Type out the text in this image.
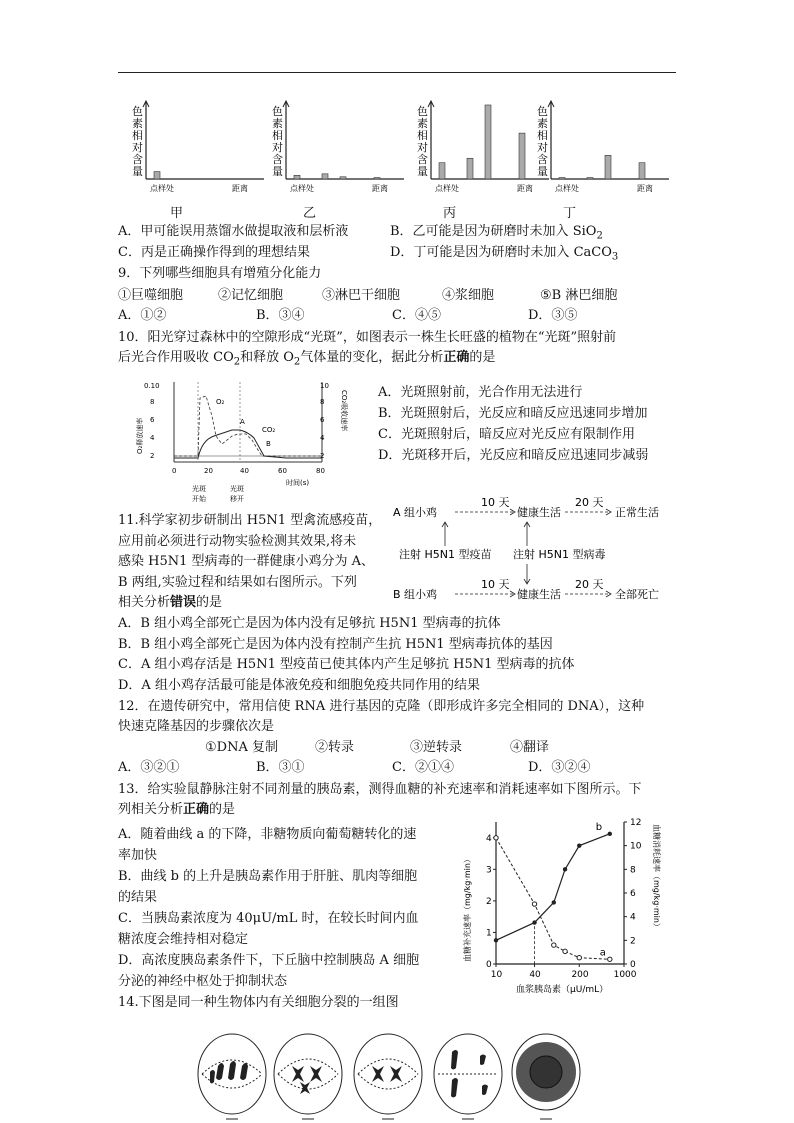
色
素
相
对
含
量
点样处	距离
色
素
相
对
含
量
点样处	距离
色
素
相
对
含
量
点样处	距离
色
素
相
对
含
量
点样处	距离
甲	乙	丙	丁
A．甲可能误用蒸馏水做提取液和层析液	B．乙可能是因为研磨时未加入 SiO$_2$
C．丙是正确操作得到的理想结果	D．丁可能是因为研磨时未加入 CaCO$_3$
9．下列哪些细胞具有增殖分化能力
①巨噬细胞	②记忆细胞	③淋巴干细胞	④浆细胞	⑤B 淋巴细胞
A．①②	B．③④	C．④⑤	D．③⑤
10．阳光穿过森林中的空隙形成“光斑”，如图表示一株生长旺盛的植物在“光斑”照射前
后光合作用吸收 $CO_2$和释放 $O_2$气体量的变化，据此分析正确的是
0.10
8
6
4
2
O₂释放速率
10
8
6
4
2
CO₂吸收速率
O₂
A
CO₂
B
0	20	40	60	80
时间(s)
光斑
开始
光斑
移开
A．光斑照射前，光合作用无法进行
B．光斑照射后，光反应和暗反应迅速同步增加
C．光斑照射后，暗反应对光反应有限制作用
D．光斑移开后，光反应和暗反应迅速同步减弱
11.科学家初步研制出 H5N1 型禽流感疫苗，
应用前必须进行动物实验检测其效果,将未
感染 H5N1 型病毒的一群健康小鸡分为 A、
B 两组,实验过程和结果如右图所示。下列
相关分析错误的是
A 组小鸡
10 天
健康生活
20 天
正常生活
注射 H5N1 型疫苗 注射 H5N1 型病毒
B 组小鸡
10 天
健康生活
20 天
全部死亡
A．B 组小鸡全部死亡是因为体内没有足够抗 H5N1 型病毒的抗体
B．B 组小鸡全部死亡是因为体内没有控制产生抗 H5N1 型病毒抗体的基因
C．A 组小鸡存活是 H5N1 型疫苗已使其体内产生足够抗 H5N1 型病毒的抗体
D．A 组小鸡存活最可能是体液免疫和细胞免疫共同作用的结果
12．在遗传研究中，常用信使 RNA 进行基因的克隆（即形成许多完全相同的 DNA），这种
快速克隆基因的步骤依次是
①DNA 复制	②转录	③逆转录	④翻译
A．③②①	B．③①	C．②①④	D．③②④
13．给实验鼠静脉注射不同剂量的胰岛素，测得血糖的补充速率和消耗速率如下图所示。下
列相关分析正确的是
A．随着曲线 a 的下降，非糖物质向葡萄糖转化的速
率加快
B．曲线 b 的上升是胰岛素作用于肝脏、肌肉等细胞
的结果
C．当胰岛素浓度为 40μU/mL 时，在较长时间内血
糖浓度会维持相对稳定
D．高浓度胰岛素条件下，下丘脑中控制胰岛 A 细胞
分泌的神经中枢处于抑制状态
0
1
2
3
4
0
2
4
6
8
10
12
10	40	200	1000
血浆胰岛素（μU/mL）
血糖补充速率（mg/kg·min）	血糖消耗速率（mg/kg·min）
a
b
14.下图是同一种生物体内有关细胞分裂的一组图
